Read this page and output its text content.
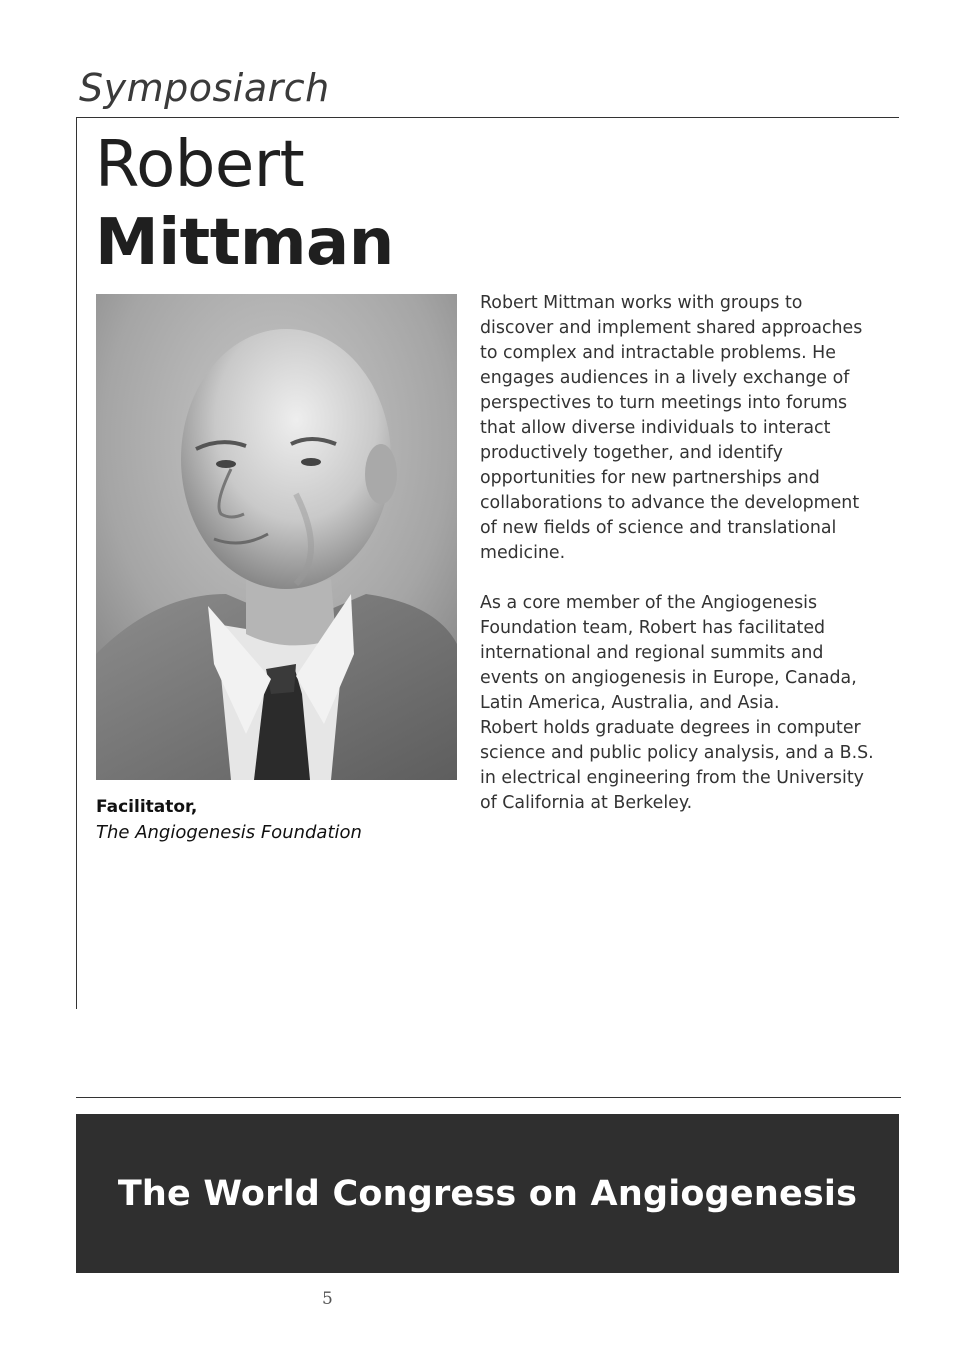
Symposiarch
Robert
Mittman
Facilitator,
The Angiogenesis Foundation

Robert Mittman works with groups to discover and implement shared approaches to complex and intractable problems. He engages audiences in a lively exchange of perspectives to turn meetings into forums that allow diverse individuals to interact productively together, and identify opportunities for new partnerships and collaborations to advance the development of new fields of science and translational medicine.

As a core member of the Angiogenesis Foundation team, Robert has facilitated international and regional summits and events on angiogenesis in Europe, Canada, Latin America, Australia, and Asia.

Robert holds graduate degrees in computer science and public policy analysis, and a B.S. in electrical engineering from the University of California at Berkeley.

The World Congress on Angiogenesis
5
